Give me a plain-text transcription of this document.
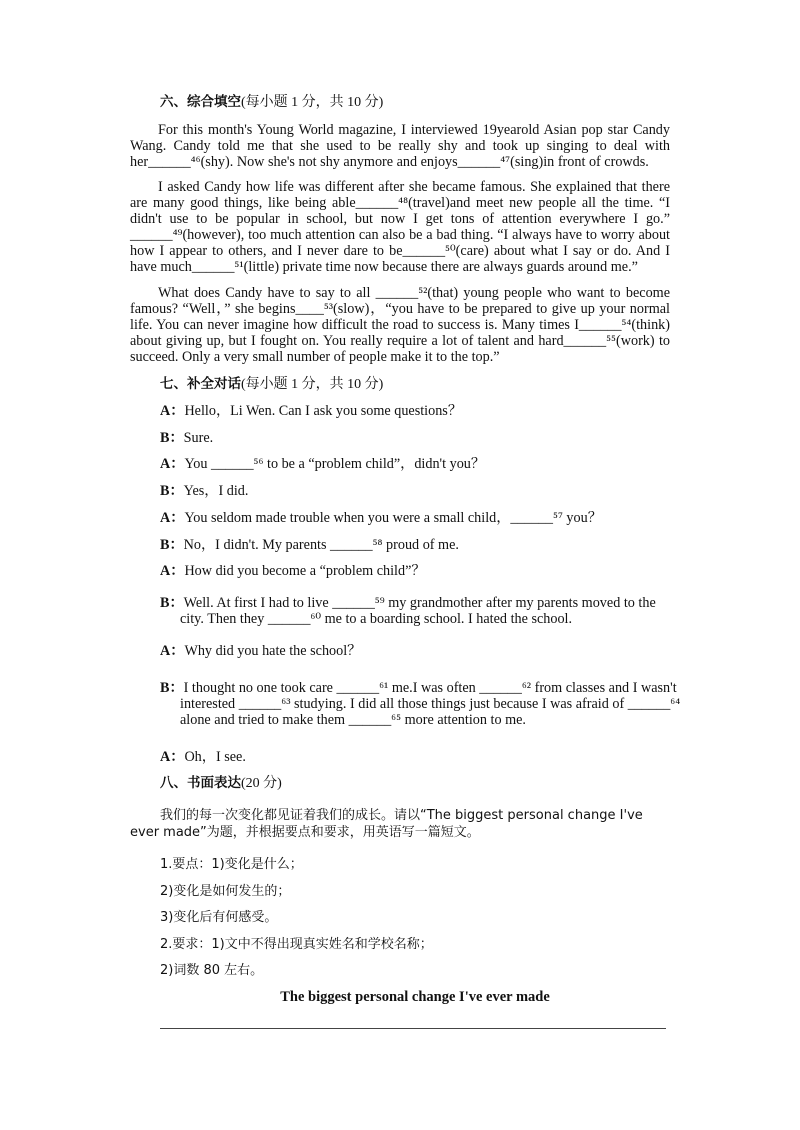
六、综合填空(每小题 1 分，共 10 分)

For this month's Young World magazine, I interviewed 19yearold Asian pop star Candy Wang. Candy told me that she used to be really shy and took up singing to deal with her______⁴⁶(shy). Now she's not shy anymore and enjoys______⁴⁷(sing)in front of crowds.

I asked Candy how life was different after she became famous. She explained that there are many good things, like being able______⁴⁸(travel)and meet new people all the time. “I didn't use to be popular in school, but now I get tons of attention everywhere I go.” ______⁴⁹(however), too much attention can also be a bad thing. “I always have to worry about how I appear to others, and I never dare to be______⁵⁰(care) about what I say or do. And I have much______⁵¹(little) private time now because there are always guards around me.”

What does Candy have to say to all ______⁵²(that) young people who want to become famous? “Well，” she begins____⁵³(slow)，“you have to be prepared to give up your normal life. You can never imagine how difficult the road to success is. Many times I______⁵⁴(think) about giving up, but I fought on. You really require a lot of talent and hard______⁵⁵(work) to succeed. Only a very small number of people make it to the top.”

七、补全对话(每小题 1 分，共 10 分)
A：Hello，Li Wen. Can I ask you some questions？
B：Sure.
A：You ______⁵⁶ to be a “problem child”，didn't you？
B：Yes，I did.
A：You seldom made trouble when you were a small child，______⁵⁷ you？
B：No，I didn't. My parents ______⁵⁸ proud of me.
A：How did you become a “problem child”？
B：Well. At first I had to live ______⁵⁹ my grandmother after my parents moved to the city. Then they ______⁶⁰ me to a boarding school. I hated the school.
A：Why did you hate the school？
B：I thought no one took care ______⁶¹ me.I was often ______⁶² from classes and I wasn't interested ______⁶³ studying. I did all those things just because I was afraid of ______⁶⁴ alone and tried to make them ______⁶⁵ more attention to me.
A：Oh，I see.
八、书面表达(20 分)
我们的每一次变化都见证着我们的成长。请以“The biggest personal change I've ever made”为题，并根据要点和要求，用英语写一篇短文。
1.要点：1)变化是什么；
2)变化是如何发生的；
3)变化后有何感受。
2.要求：1)文中不得出现真实姓名和学校名称；
2)词数 80 左右。
The biggest personal change I've ever made
